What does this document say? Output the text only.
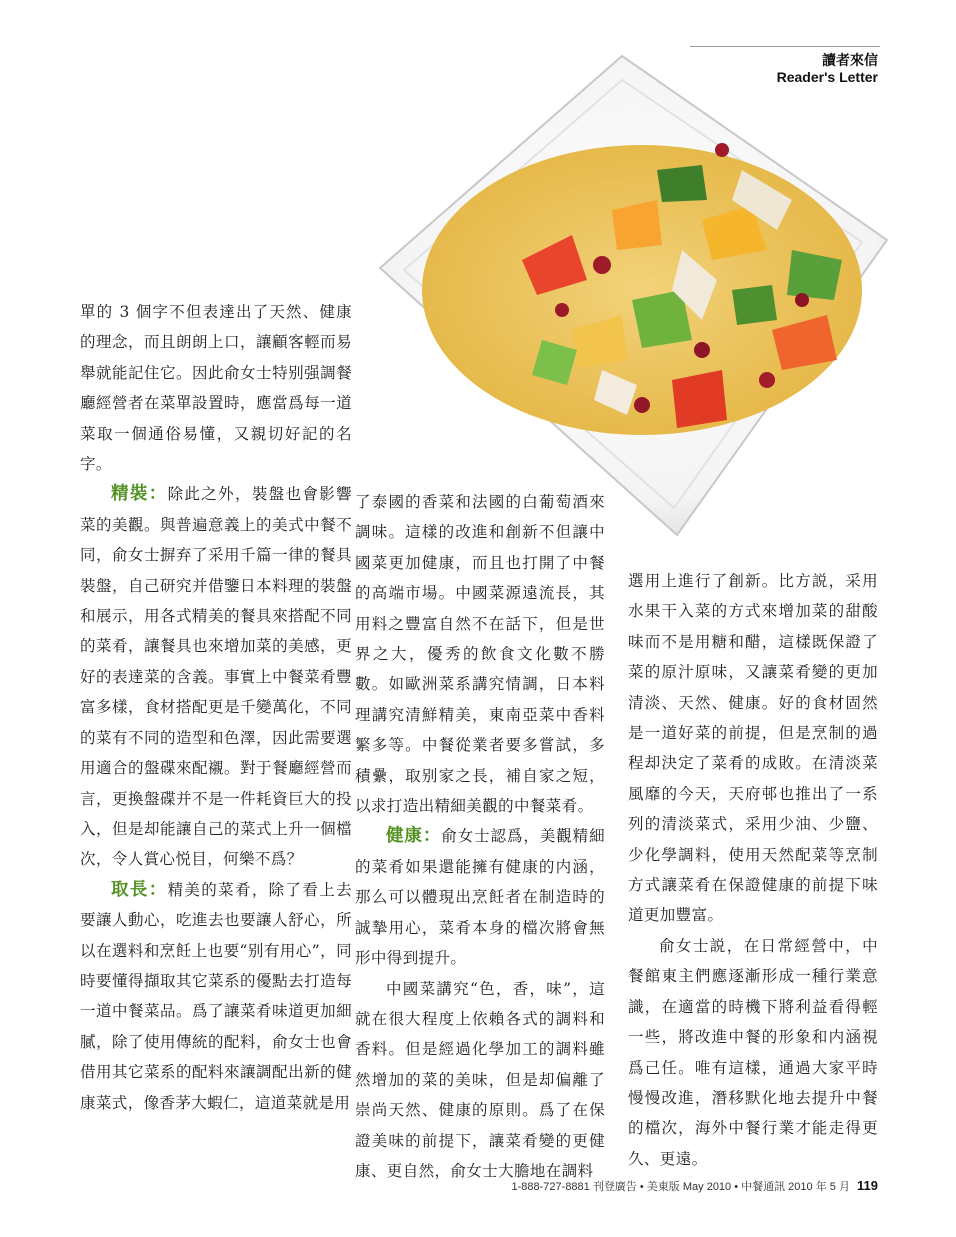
讀者來信
Reader's Letter

單的 3 個字不但表達出了天然、健康的理念，而且朗朗上口，讓顧客輕而易舉就能記住它。因此俞女士特别强調餐廳經營者在菜單設置時，應當爲每一道菜取一個通俗易懂，又親切好記的名字。

精裝：除此之外，裝盤也會影響菜的美觀。與普遍意義上的美式中餐不同，俞女士摒弃了采用千篇一律的餐具裝盤，自己研究并借鑒日本料理的裝盤和展示，用各式精美的餐具來搭配不同的菜肴，讓餐具也來增加菜的美感，更好的表達菜的含義。事實上中餐菜肴豐富多樣，食材搭配更是千變萬化，不同的菜有不同的造型和色澤，因此需要選用適合的盤碟來配襯。對于餐廳經營而言，更換盤碟并不是一件耗資巨大的投入，但是却能讓自己的菜式上升一個檔次，令人賞心悦目，何樂不爲？

取長：精美的菜肴，除了看上去要讓人動心，吃進去也要讓人舒心，所以在選料和烹飪上也要“别有用心”，同時要懂得擷取其它菜系的優點去打造每一道中餐菜品。爲了讓菜肴味道更加細膩，除了使用傳統的配料，俞女士也會借用其它菜系的配料來讓調配出新的健康菜式，像香茅大蝦仁，這道菜就是用

了泰國的香菜和法國的白葡萄酒來調味。這樣的改進和創新不但讓中國菜更加健康，而且也打開了中餐的高端市場。中國菜源遠流長，其用料之豐富自然不在話下，但是世界之大，優秀的飲食文化數不勝數。如歐洲菜系講究情調，日本料理講究清鮮精美，東南亞菜中香料繁多等。中餐從業者要多嘗試，多積纍，取别家之長，補自家之短，以求打造出精細美觀的中餐菜肴。

健康：俞女士認爲，美觀精細的菜肴如果還能擁有健康的内涵，那么可以體現出烹飪者在制造時的誠摯用心，菜肴本身的檔次將會無形中得到提升。

中國菜講究“色，香，味”，這就在很大程度上依賴各式的調料和香料。但是經過化學加工的調料雖然增加的菜的美味，但是却偏離了崇尚天然、健康的原則。爲了在保證美味的前提下，讓菜肴變的更健康、更自然，俞女士大膽地在調料

選用上進行了創新。比方説，采用水果干入菜的方式來增加菜的甜酸味而不是用糖和醋，這樣既保證了菜的原汁原味，又讓菜肴變的更加清淡、天然、健康。好的食材固然是一道好菜的前提，但是烹制的過程却決定了菜肴的成敗。在清淡菜風靡的今天，天府邨也推出了一系列的清淡菜式，采用少油、少鹽、少化學調料，使用天然配菜等烹制方式讓菜肴在保證健康的前提下味道更加豐富。

俞女士説，在日常經營中，中餐館東主們應逐漸形成一種行業意識，在適當的時機下將利益看得輕一些，將改進中餐的形象和内涵視爲己任。唯有這樣，通過大家平時慢慢改進，潛移默化地去提升中餐的檔次，海外中餐行業才能走得更久、更遠。

1-888-727-8881 刊登廣告 • 美東版 May 2010 • 中餐通訊 2010 年 5 月 119
